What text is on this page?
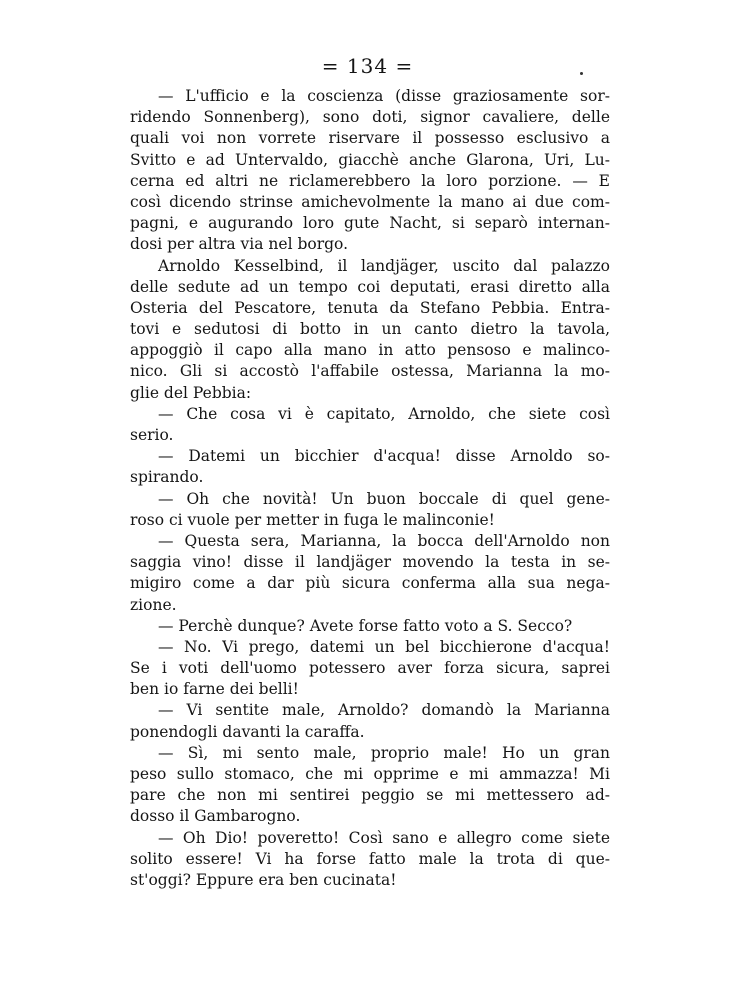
= 134 =
— L'ufficio e la coscienza (disse graziosamente sor-
ridendo Sonnenberg), sono doti, signor cavaliere, delle
quali voi non vorrete riservare il possesso esclusivo a
Svitto e ad Untervaldo, giacchè anche Glarona, Uri, Lu-
cerna ed altri ne riclamerebbero la loro porzione. — E
così dicendo strinse amichevolmente la mano ai due com-
pagni, e augurando loro gute Nacht, si separò internan-
dosi per altra via nel borgo.
Arnoldo Kesselbind, il landjäger, uscito dal palazzo
delle sedute ad un tempo coi deputati, erasi diretto alla
Osteria del Pescatore, tenuta da Stefano Pebbia. Entra-
tovi e sedutosi di botto in un canto dietro la tavola,
appoggiò il capo alla mano in atto pensoso e malinco-
nico. Gli si accostò l'affabile ostessa, Marianna la mo-
glie del Pebbia:
— Che cosa vi è capitato, Arnoldo, che siete così
serio.
— Datemi un bicchier d'acqua! disse Arnoldo so-
spirando.
— Oh che novità! Un buon boccale di quel gene-
roso ci vuole per metter in fuga le malinconie!
— Questa sera, Marianna, la bocca dell'Arnoldo non
saggia vino! disse il landjäger movendo la testa in se-
migiro come a dar più sicura conferma alla sua nega-
zione.
— Perchè dunque? Avete forse fatto voto a S. Secco?
— No. Vi prego, datemi un bel bicchierone d'acqua!
Se i voti dell'uomo potessero aver forza sicura, saprei
ben io farne dei belli!
— Vi sentite male, Arnoldo? domandò la Marianna
ponendogli davanti la caraffa.
— Sì, mi sento male, proprio male! Ho un gran
peso sullo stomaco, che mi opprime e mi ammazza! Mi
pare che non mi sentirei peggio se mi mettessero ad-
dosso il Gambarogno.
— Oh Dio! poveretto! Così sano e allegro come siete
solito essere! Vi ha forse fatto male la trota di que-
st'oggi? Eppure era ben cucinata!
